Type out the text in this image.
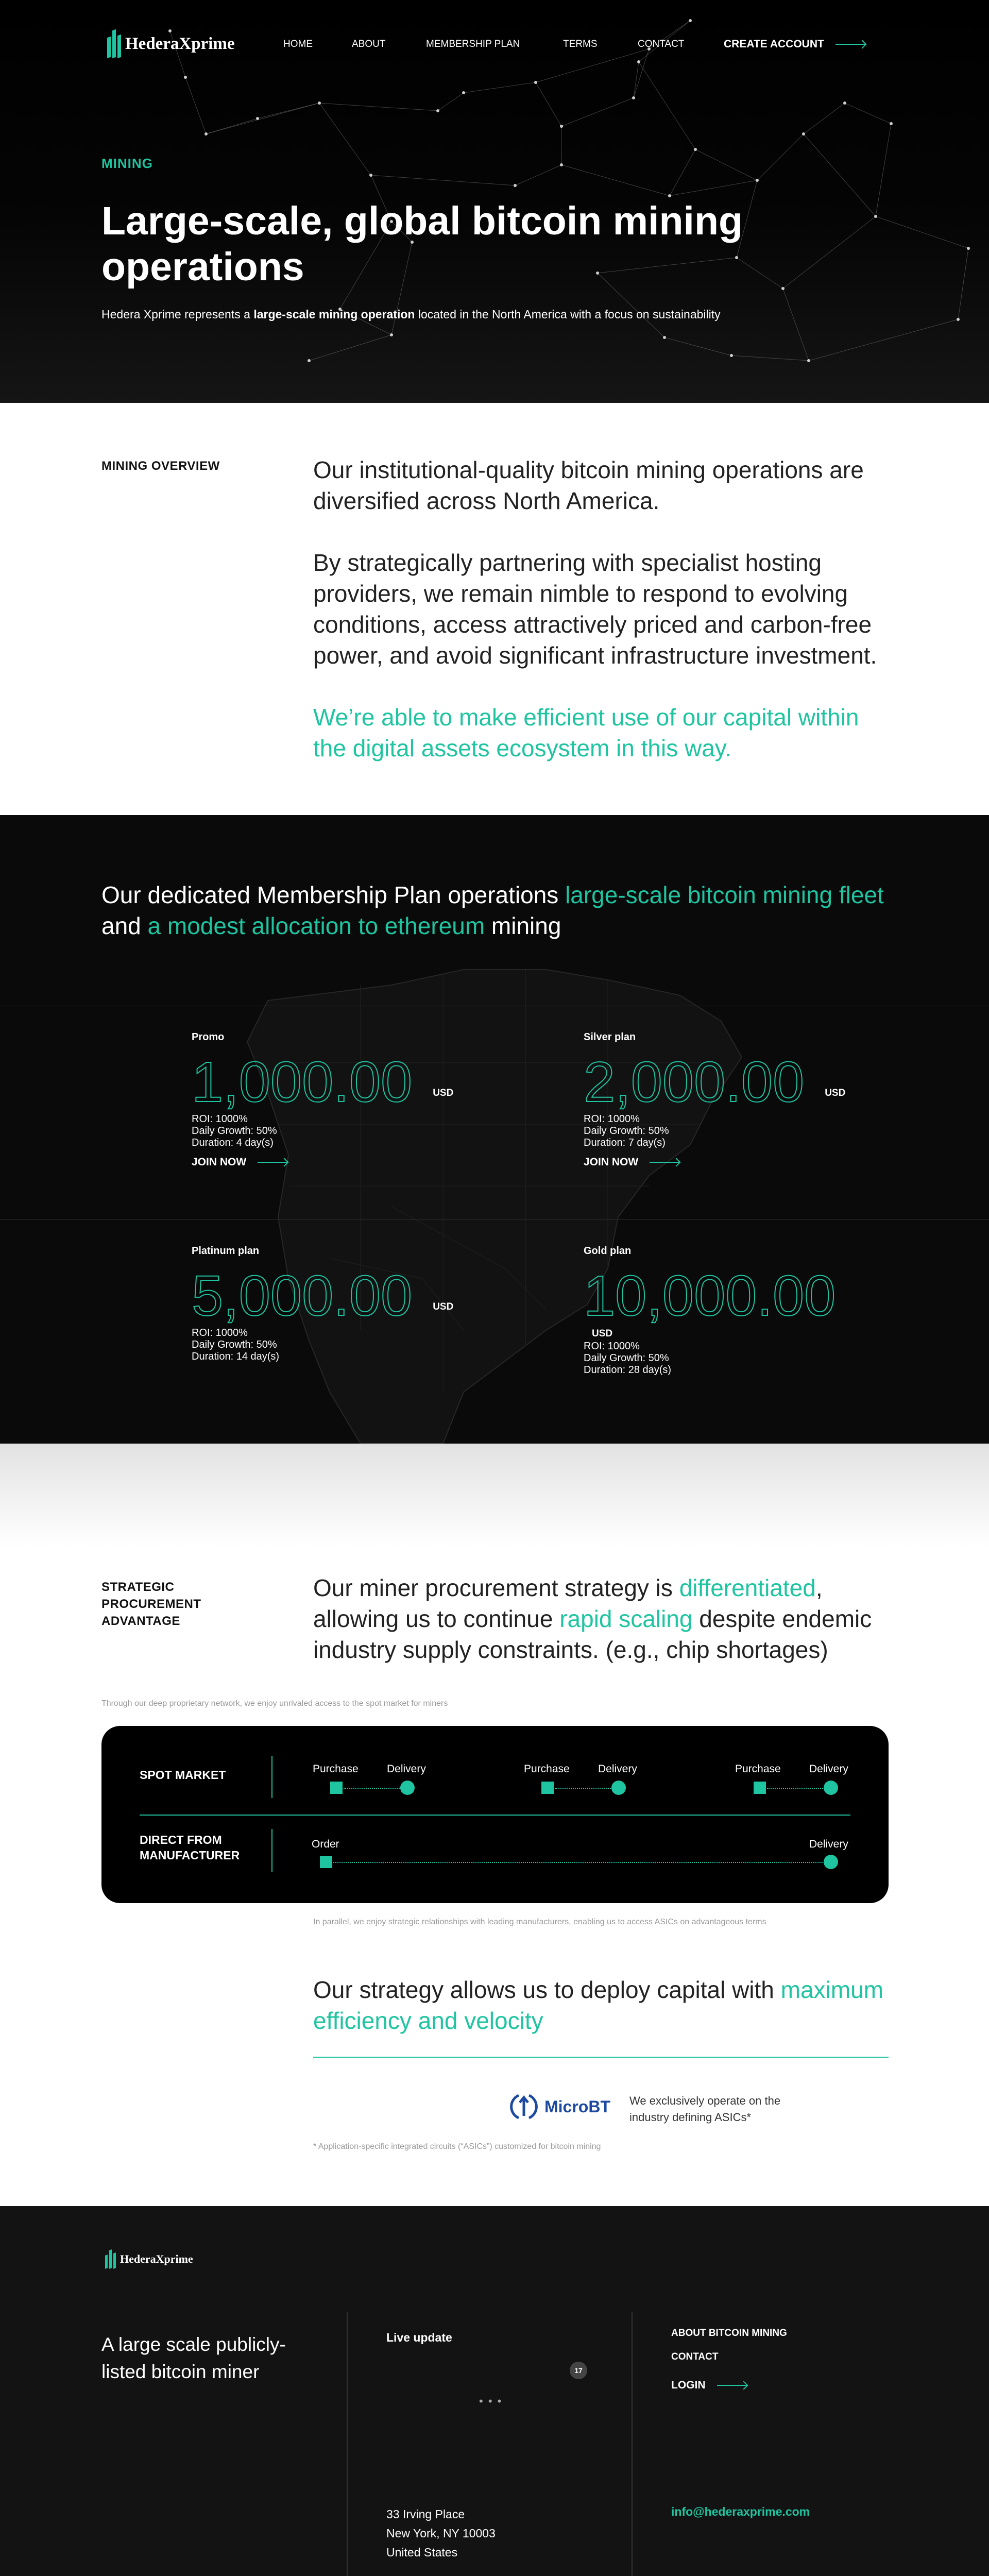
HederaXprime	HOME	ABOUT	MEMBERSHIP PLAN	TERMS	CONTACT	CREATE ACCOUNT
MINING
Large-scale, global bitcoin mining operations
Hedera Xprime represents a large-scale mining operation located in the North America with a focus on sustainability
MINING OVERVIEW	Our institutional-quality bitcoin mining operations are diversified across North America.

By strategically partnering with specialist hosting providers, we remain nimble to respond to evolving conditions, access attractively priced and carbon-free power, and avoid significant infrastructure investment.

We’re able to make efficient use of our capital within the digital assets ecosystem in this way.

Our dedicated Membership Plan operations large-scale bitcoin mining fleet and a modest allocation to ethereum mining
Promo
1,000.00 USD
ROI: 1000%
Daily Growth: 50%
Duration: 4 day(s)
JOIN NOW
Silver plan
2,000.00 USD
ROI: 1000%
Daily Growth: 50%
Duration: 7 day(s)
JOIN NOW
Platinum plan
5,000.00 USD
ROI: 1000%
Daily Growth: 50%
Duration: 14 day(s)
Gold plan
10,000.00
USD
ROI: 1000%
Daily Growth: 50%
Duration: 28 day(s)
STRATEGIC
PROCUREMENT
ADVANTAGE
Our miner procurement strategy is differentiated, allowing us to continue rapid scaling despite endemic industry supply constraints. (e.g., chip shortages)
Through our deep proprietary network, we enjoy unrivaled access to the spot market for miners
SPOT MARKET
DIRECT FROM
MANUFACTURER
Purchase	Delivery	Purchase	Delivery	Purchase	Delivery
Order	Delivery
In parallel, we enjoy strategic relationships with leading manufacturers, enabling us to access ASICs on advantageous terms
Our strategy allows us to deploy capital with maximum efficiency and velocity
MicroBT We exclusively operate on the industry defining ASICs*
* Application-specific integrated circuits (“ASICs”) customized for bitcoin mining
HederaXprime
A large scale publicly-listed bitcoin miner
Live update
17
• • •
ABOUT BITCOIN MINING
CONTACT
LOGIN
33 Irving Place
New York, NY 10003
United States
info@hederaxprime.com
